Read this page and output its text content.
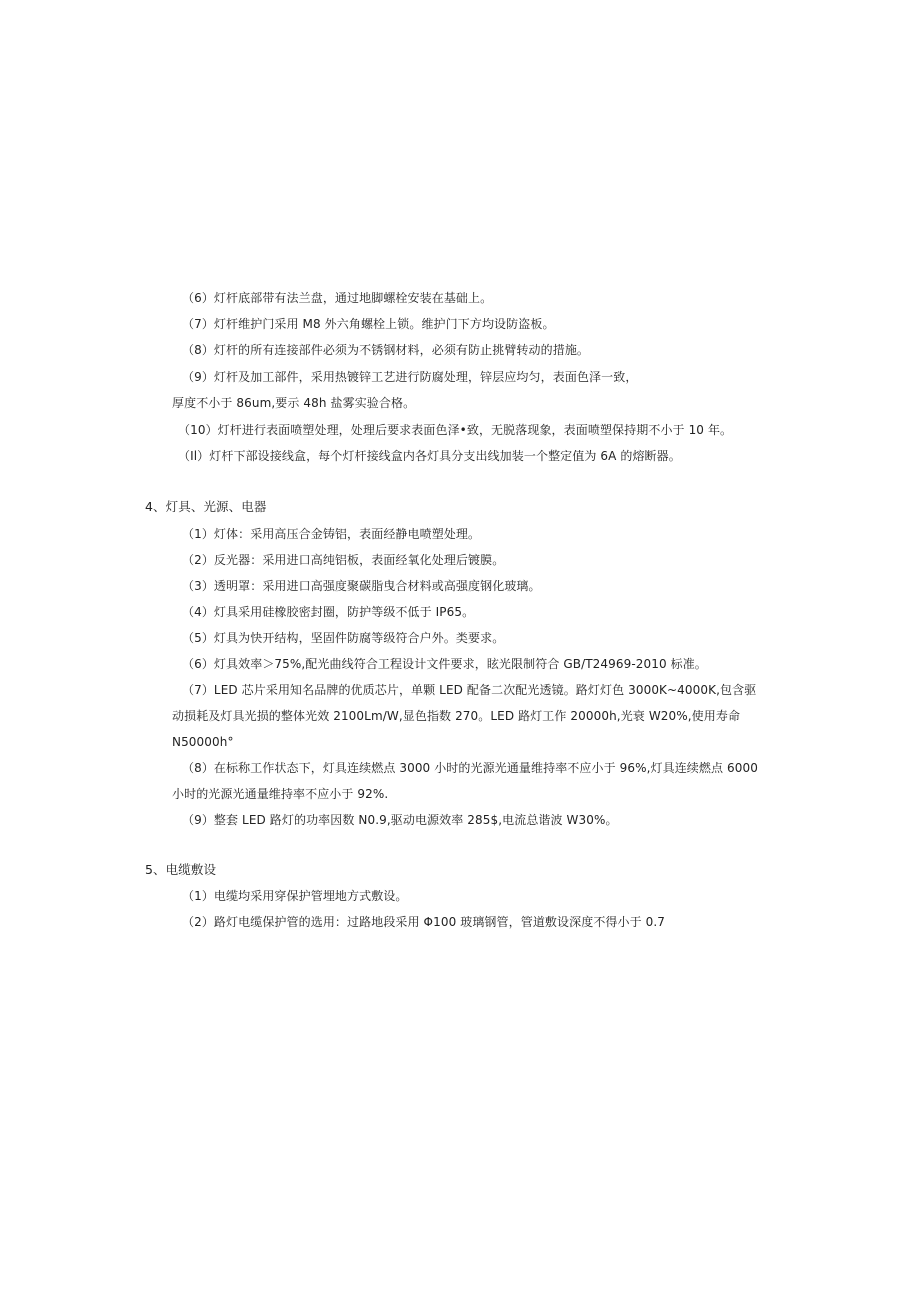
（6）灯杆底部带有法兰盘，通过地脚螺栓安装在基础上。
（7）灯杆维护门采用 M8 外六角螺栓上锁。维护门下方均设防盗板。
（8）灯杆的所有连接部件必须为不锈钢材料，必须有防止挑臂转动的措施。
（9）灯杆及加工部件，采用热镀锌工艺进行防腐处理，锌层应均匀，表面色泽一致，
厚度不小于 86um,要示 48h 盐雾实验合格。
（10）灯杆进行表面喷塑处理，处理后要求表面色泽•致，无脱落现象，表面喷塑保持期不小于 10 年。
（Il）灯杆下部设接线盒，每个灯杆接线盒内各灯具分支出线加装一个整定值为 6A 的熔断器。
4、灯具、光源、电器
（1）灯体：采用高压合金铸铝，表面经静电喷塑处理。
（2）反光器：采用进口高纯铝板，表面经氧化处理后镀膜。
（3）透明罩：采用进口高强度聚碳脂曳合材料或高强度钢化玻璃。
（4）灯具采用硅橡胶密封圈，防护等级不低于 IP65。
（5）灯具为快开结构，坚固件防腐等级符合户外。类要求。
（6）灯具效率＞75%,配光曲线符合工程设计文件要求，眩光限制符合 GB/T24969-2010 标准。
（7）LED 芯片采用知名品牌的优质芯片，单颗 LED 配备二次配光透镜。路灯灯色 3000K~4000K,包含驱
动损耗及灯具光损的整体光效 2100Lm/W,显色指数 270。LED 路灯工作 20000h,光衰 W20%,使用寿命
N50000h°
（8）在标称工作状态下，灯具连续燃点 3000 小时的光源光通量维持率不应小于 96%,灯具连续燃点 6000
小时的光源光通量维持率不应小于 92%.
（9）整套 LED 路灯的功率因数 N0.9,驱动电源效率 285$,电流总谐波 W30%。
5、电缆敷设
（1）电缆均采用穿保护管埋地方式敷设。
（2）路灯电缆保护管的选用：过路地段采用 Φ100 玻璃钢管，管道敷设深度不得小于 0.7
